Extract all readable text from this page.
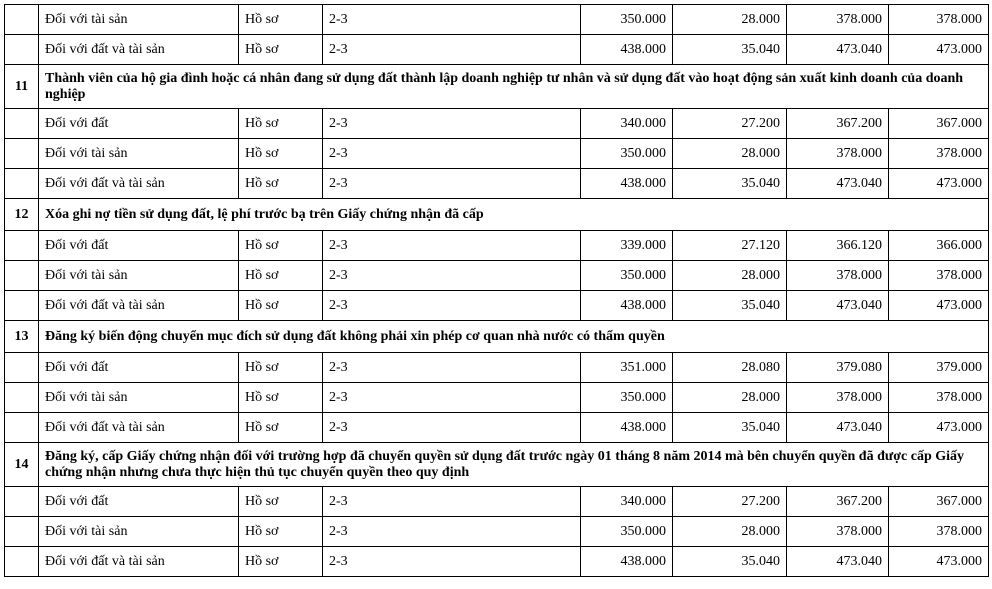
	Đối với tài sản	Hồ sơ	2-3	350.000	28.000	378.000	378.000
	Đối với đất và tài sản	Hồ sơ	2-3	438.000	35.040	473.040	473.000
11	Thành viên của hộ gia đình hoặc cá nhân đang sử dụng đất thành lập doanh nghiệp tư nhân và sử dụng đất vào hoạt động sản xuất kinh doanh của doanh nghiệp						
	Đối với đất	Hồ sơ	2-3	340.000	27.200	367.200	367.000
	Đối với tài sản	Hồ sơ	2-3	350.000	28.000	378.000	378.000
	Đối với đất và tài sản	Hồ sơ	2-3	438.000	35.040	473.040	473.000
12	Xóa ghi nợ tiền sử dụng đất, lệ phí trước bạ trên Giấy chứng nhận đã cấp						
	Đối với đất	Hồ sơ	2-3	339.000	27.120	366.120	366.000
	Đối với tài sản	Hồ sơ	2-3	350.000	28.000	378.000	378.000
	Đối với đất và tài sản	Hồ sơ	2-3	438.000	35.040	473.040	473.000
13	Đăng ký biến động chuyển mục đích sử dụng đất không phải xin phép cơ quan nhà nước có thẩm quyền						
	Đối với đất	Hồ sơ	2-3	351.000	28.080	379.080	379.000
	Đối với tài sản	Hồ sơ	2-3	350.000	28.000	378.000	378.000
	Đối với đất và tài sản	Hồ sơ	2-3	438.000	35.040	473.040	473.000
14	Đăng ký, cấp Giấy chứng nhận đối với trường hợp đã chuyển quyền sử dụng đất trước ngày 01 tháng 8 năm 2014 mà bên chuyển quyền đã được cấp Giấy chứng nhận nhưng chưa thực hiện thủ tục chuyển quyền theo quy định						
	Đối với đất	Hồ sơ	2-3	340.000	27.200	367.200	367.000
	Đối với tài sản	Hồ sơ	2-3	350.000	28.000	378.000	378.000
	Đối với đất và tài sản	Hồ sơ	2-3	438.000	35.040	473.040	473.000
